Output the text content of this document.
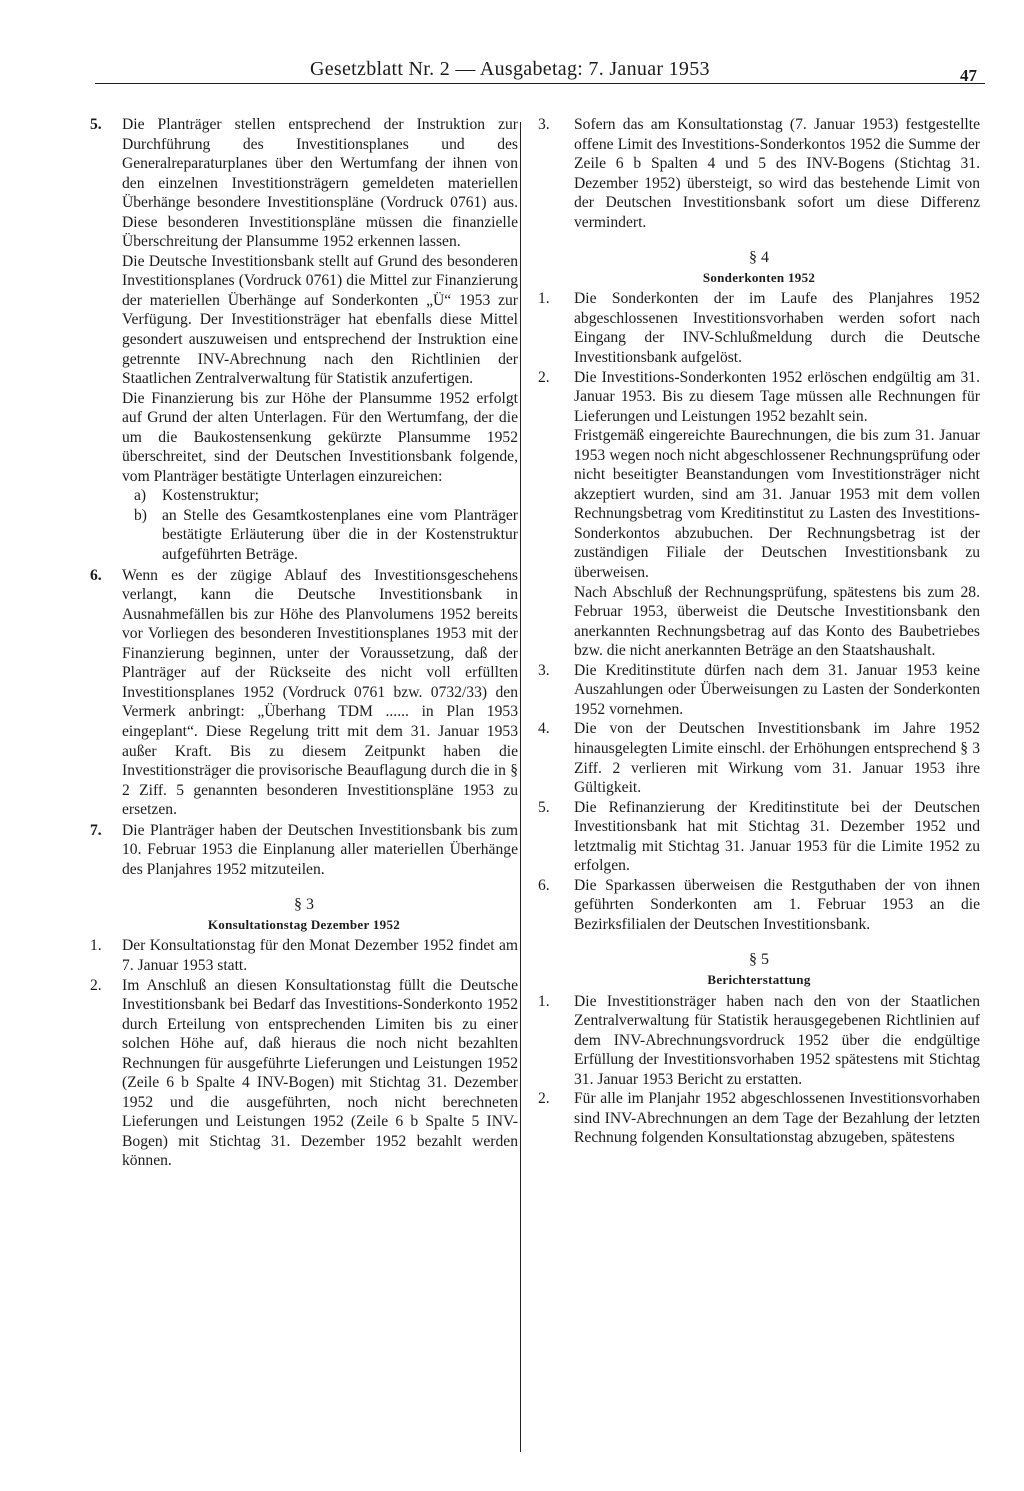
Gesetzblatt Nr. 2 — Ausgabetag: 7. Januar 1953	47
5. Die Planträger stellen entsprechend der Instruktion zur Durchführung des Investitionsplanes und des Generalreparaturplanes über den Wertumfang der ihnen von den einzelnen Investitionsträgern gemeldeten materiellen Überhänge besondere Investitionspläne (Vordruck 0761) aus. Diese besonderen Investitionspläne müssen die finanzielle Überschreitung der Plansumme 1952 erkennen lassen.
Die Deutsche Investitionsbank stellt auf Grund des besonderen Investitionsplanes (Vordruck 0761) die Mittel zur Finanzierung der materiellen Überhänge auf Sonderkonten „Ü“ 1953 zur Verfügung. Der Investitionsträger hat ebenfalls diese Mittel gesondert auszuweisen und entsprechend der Instruktion eine getrennte INV-Abrechnung nach den Richtlinien der Staatlichen Zentralverwaltung für Statistik anzufertigen.
Die Finanzierung bis zur Höhe der Plansumme 1952 erfolgt auf Grund der alten Unterlagen. Für den Wertumfang, der die um die Baukostensenkung gekürzte Plansumme 1952 überschreitet, sind der Deutschen Investitionsbank folgende, vom Planträger bestätigte Unterlagen einzureichen:
a) Kostenstruktur;
b) an Stelle des Gesamtkostenplanes eine vom Planträger bestätigte Erläuterung über die in der Kostenstruktur aufgeführten Beträge.
6. Wenn es der zügige Ablauf des Investitionsgeschehens verlangt, kann die Deutsche Investitionsbank in Ausnahmefällen bis zur Höhe des Planvolumens 1952 bereits vor Vorliegen des besonderen Investitionsplanes 1953 mit der Finanzierung beginnen, unter der Voraussetzung, daß der Planträger auf der Rückseite des nicht voll erfüllten Investitionsplanes 1952 (Vordruck 0761 bzw. 0732/33) den Vermerk anbringt: „Überhang TDM ...... in Plan 1953 eingeplant“. Diese Regelung tritt mit dem 31. Januar 1953 außer Kraft. Bis zu diesem Zeitpunkt haben die Investitionsträger die provisorische Beauflagung durch die in § 2 Ziff. 5 genannten besonderen Investitionspläne 1953 zu ersetzen.
7. Die Planträger haben der Deutschen Investitionsbank bis zum 10. Februar 1953 die Einplanung aller materiellen Überhänge des Planjahres 1952 mitzuteilen.
§ 3
Konsultationstag Dezember 1952
1. Der Konsultationstag für den Monat Dezember 1952 findet am 7. Januar 1953 statt.
2. Im Anschluß an diesen Konsultationstag füllt die Deutsche Investitionsbank bei Bedarf das Investitions-Sonderkonto 1952 durch Erteilung von entsprechenden Limiten bis zu einer solchen Höhe auf, daß hieraus die noch nicht bezahlten Rechnungen für ausgeführte Lieferungen und Leistungen 1952 (Zeile 6 b Spalte 4 INV-Bogen) mit Stichtag 31. Dezember 1952 und die ausgeführten, noch nicht berechneten Lieferungen und Leistungen 1952 (Zeile 6 b Spalte 5 INV-Bogen) mit Stichtag 31. Dezember 1952 bezahlt werden können.
3. Sofern das am Konsultationstag (7. Januar 1953) festgestellte offene Limit des Investitions-Sonderkontos 1952 die Summe der Zeile 6 b Spalten 4 und 5 des INV-Bogens (Stichtag 31. Dezember 1952) übersteigt, so wird das bestehende Limit von der Deutschen Investitionsbank sofort um diese Differenz vermindert.
§ 4
Sonderkonten 1952
1. Die Sonderkonten der im Laufe des Planjahres 1952 abgeschlossenen Investitionsvorhaben werden sofort nach Eingang der INV-Schlußmeldung durch die Deutsche Investitionsbank aufgelöst.
2. Die Investitions-Sonderkonten 1952 erlöschen endgültig am 31. Januar 1953. Bis zu diesem Tage müssen alle Rechnungen für Lieferungen und Leistungen 1952 bezahlt sein.
Fristgemäß eingereichte Baurechnungen, die bis zum 31. Januar 1953 wegen noch nicht abgeschlossener Rechnungsprüfung oder nicht beseitigter Beanstandungen vom Investitionsträger nicht akzeptiert wurden, sind am 31. Januar 1953 mit dem vollen Rechnungsbetrag vom Kreditinstitut zu Lasten des Investitions-Sonderkontos abzubuchen. Der Rechnungsbetrag ist der zuständigen Filiale der Deutschen Investitionsbank zu überweisen.
Nach Abschluß der Rechnungsprüfung, spätestens bis zum 28. Februar 1953, überweist die Deutsche Investitionsbank den anerkannten Rechnungsbetrag auf das Konto des Baubetriebes bzw. die nicht anerkannten Beträge an den Staatshaushalt.
3. Die Kreditinstitute dürfen nach dem 31. Januar 1953 keine Auszahlungen oder Überweisungen zu Lasten der Sonderkonten 1952 vornehmen.
4. Die von der Deutschen Investitionsbank im Jahre 1952 hinausgelegten Limite einschl. der Erhöhungen entsprechend § 3 Ziff. 2 verlieren mit Wirkung vom 31. Januar 1953 ihre Gültigkeit.
5. Die Refinanzierung der Kreditinstitute bei der Deutschen Investitionsbank hat mit Stichtag 31. Dezember 1952 und letztmalig mit Stichtag 31. Januar 1953 für die Limite 1952 zu erfolgen.
6. Die Sparkassen überweisen die Restguthaben der von ihnen geführten Sonderkonten am 1. Februar 1953 an die Bezirksfilialen der Deutschen Investitionsbank.
§ 5
Berichterstattung
1. Die Investitionsträger haben nach den von der Staatlichen Zentralverwaltung für Statistik herausgegebenen Richtlinien auf dem INV-Abrechnungsvordruck 1952 über die endgültige Erfüllung der Investitionsvorhaben 1952 spätestens mit Stichtag 31. Januar 1953 Bericht zu erstatten.
2. Für alle im Planjahr 1952 abgeschlossenen Investitionsvorhaben sind INV-Abrechnungen an dem Tage der Bezahlung der letzten Rechnung folgenden Konsultationstag abzugeben, spätestens
